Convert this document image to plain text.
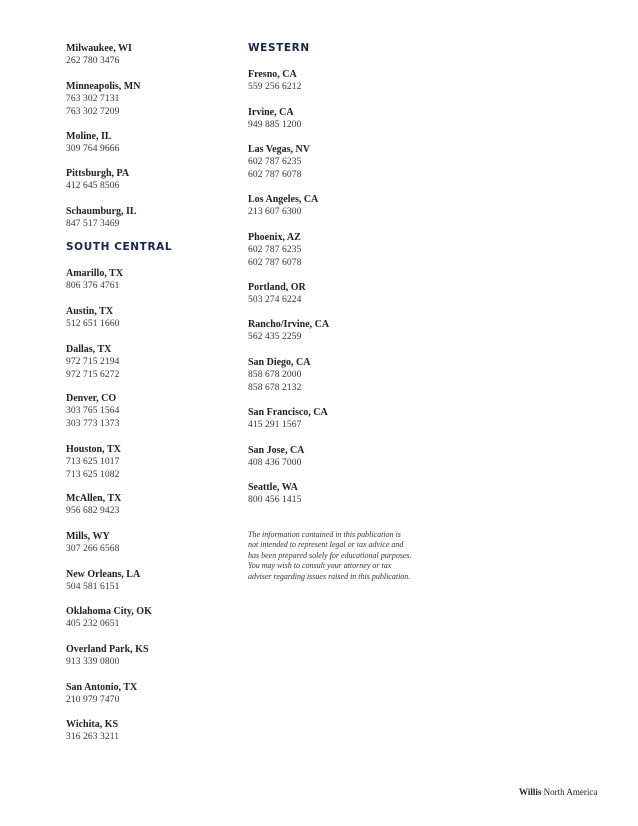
SOUTH CENTRAL
Milwaukee, WI
262 780 3476
Minneapolis, MN
763 302 7131
763 302 7209
Moline, IL
309 764 9666
Pittsburgh, PA
412 645 8506
Schaumburg, IL
847 517 3469
Amarillo, TX
806 376 4761
Austin, TX
512 651 1660
Dallas, TX
972 715 2194
972 715 6272
Denver, CO
303 765 1564
303 773 1373
Houston, TX
713 625 1017
713 625 1082
McAllen, TX
956 682 9423
Mills, WY
307 266 6568
New Orleans, LA
504 581 6151
Oklahoma City, OK
405 232 0651
Overland Park, KS
913 339 0800
San Antonio, TX
210 979 7470
Wichita, KS
316 263 3211
WESTERN
Fresno, CA
559 256 6212
Irvine, CA
949 885 1200
Las Vegas, NV
602 787 6235
602 787 6078
Los Angeles, CA
213 607 6300
Phoenix, AZ
602 787 6235
602 787 6078
Portland, OR
503 274 6224
Rancho/Irvine, CA
562 435 2259
San Diego, CA
858 678 2000
858 678 2132
San Francisco, CA
415 291 1567
San Jose, CA
408 436 7000
Seattle, WA
800 456 1415
The information contained in this publication is not intended to represent legal or tax advice and has been prepared solely for educational purposes. You may wish to consult your attorney or tax adviser regarding issues raised in this publication.
Willis North America
